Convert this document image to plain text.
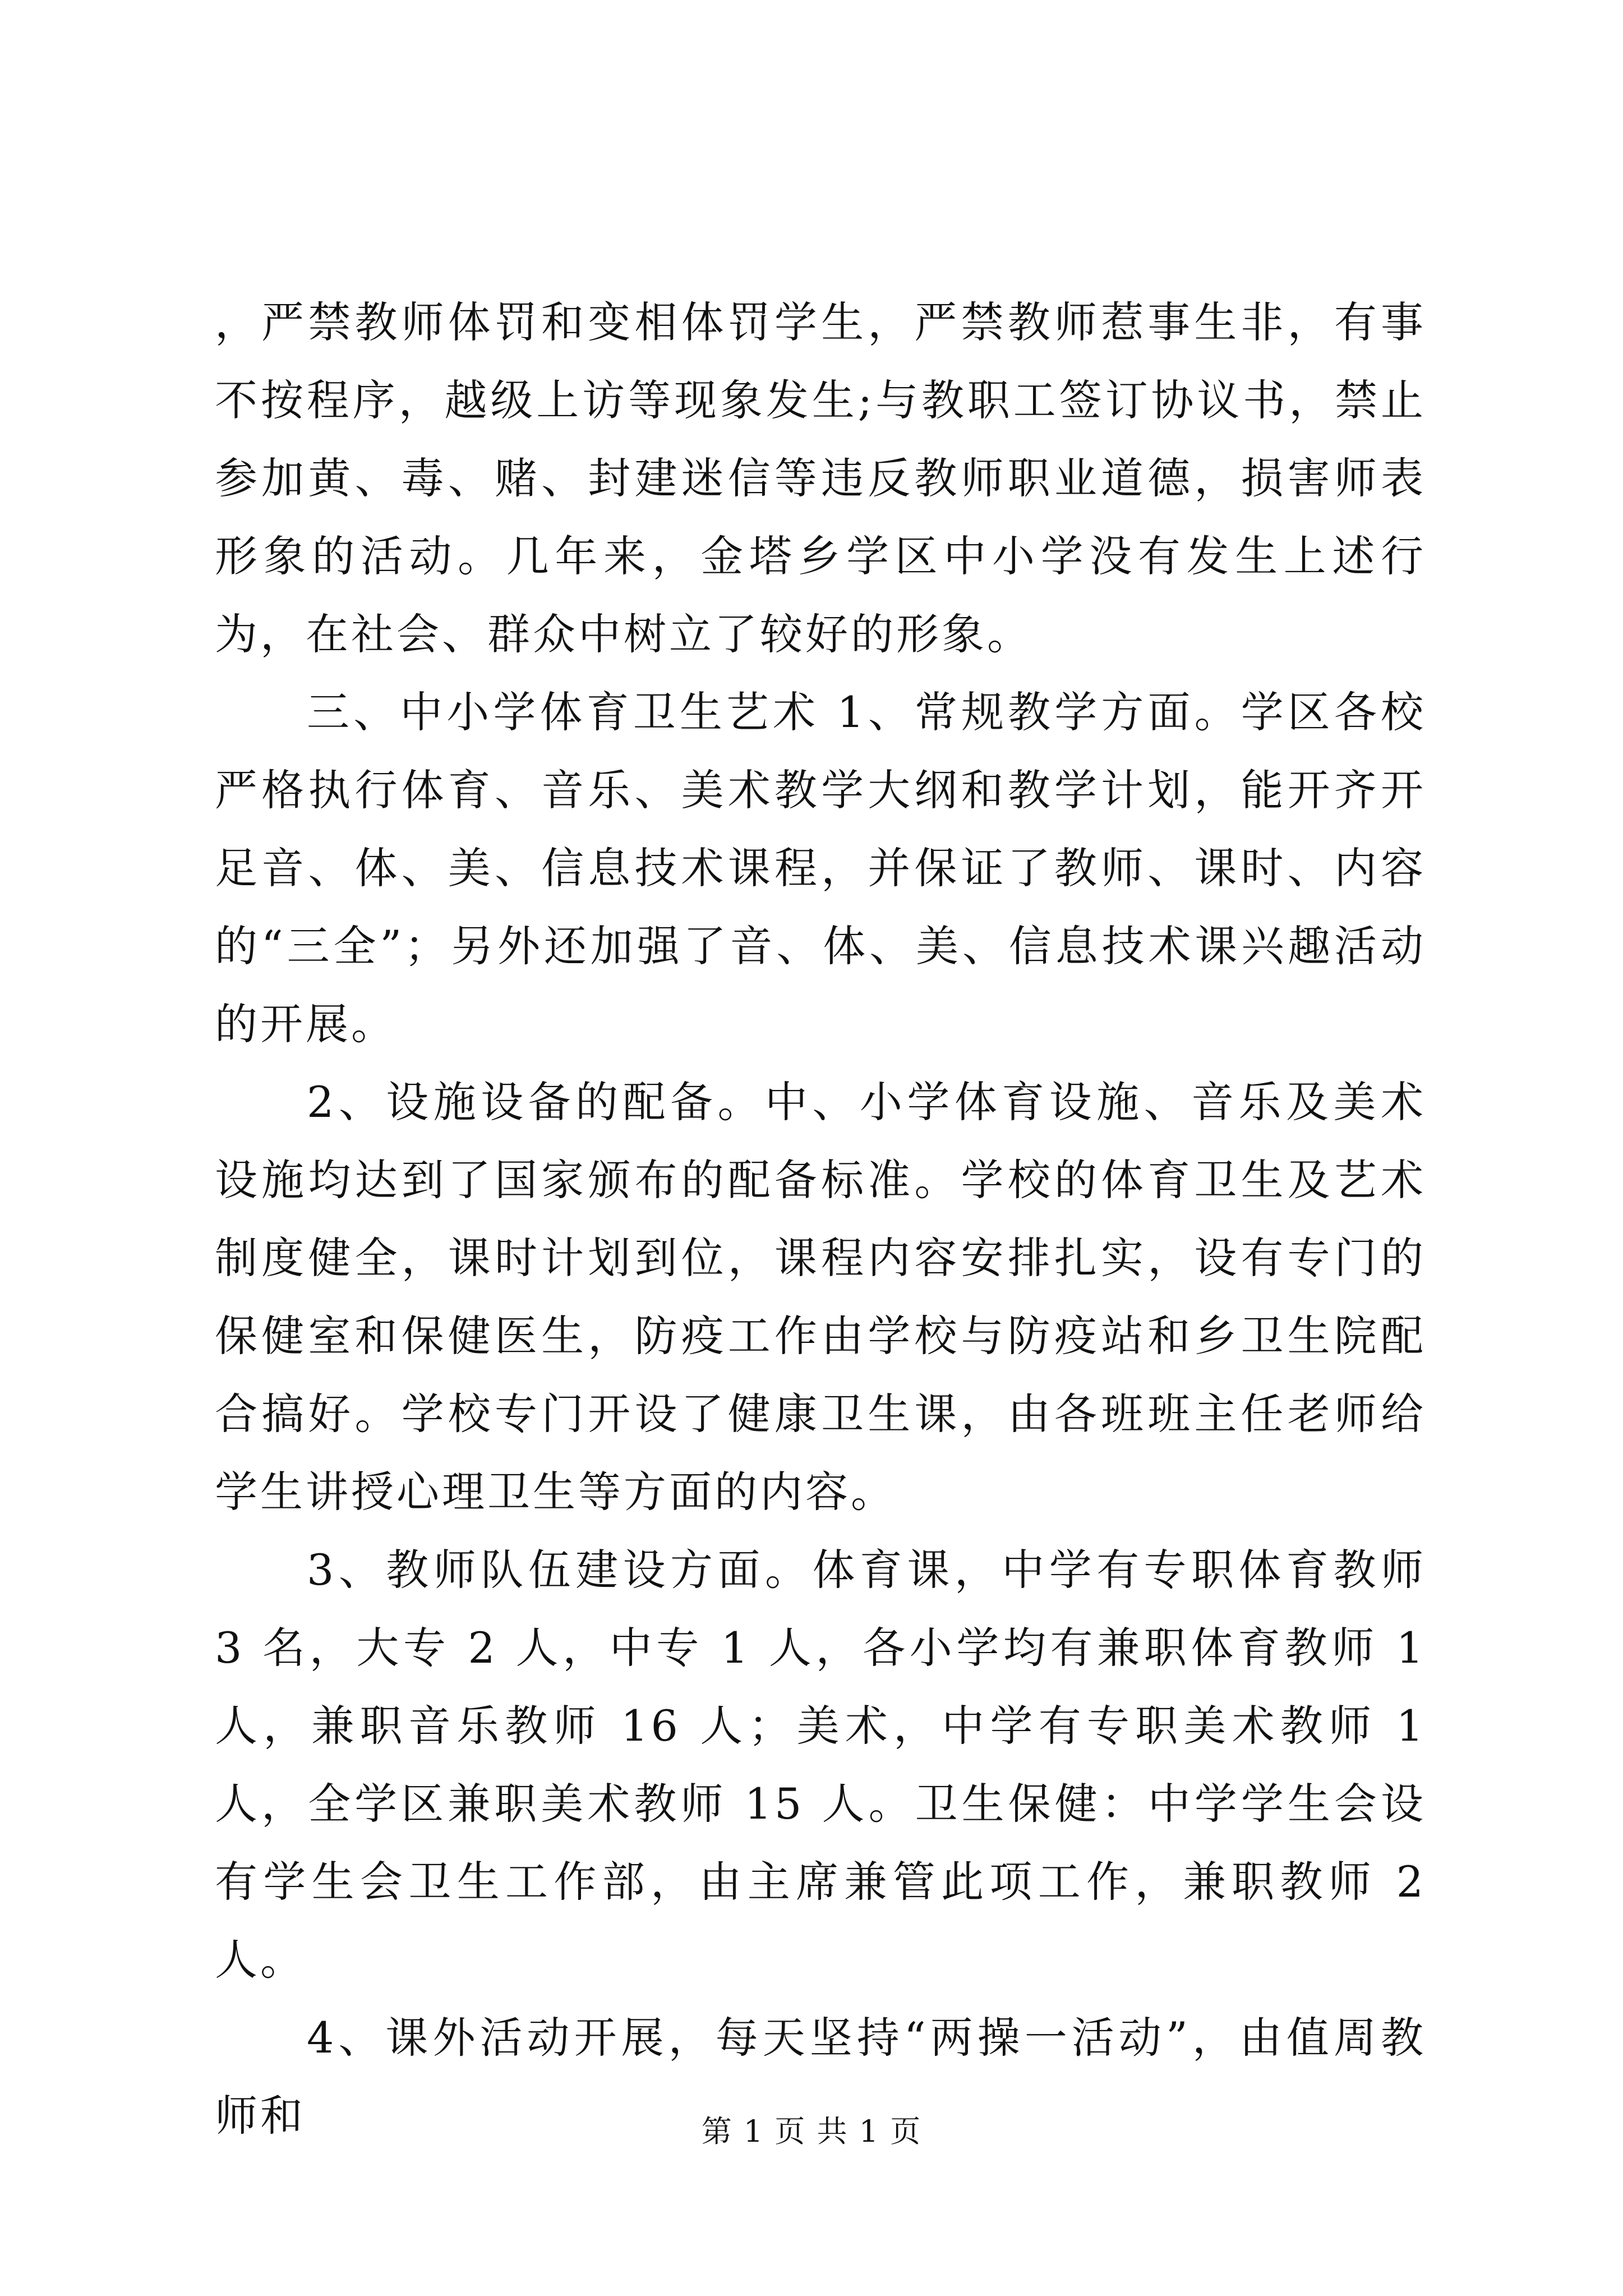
，严禁教师体罚和变相体罚学生，严禁教师惹事生非，有事不按程序，越级上访等现象发生;与教职工签订协议书，禁止参加黄、毒、赌、封建迷信等违反教师职业道德，损害师表形象的活动。几年来，金塔乡学区中小学没有发生上述行为，在社会、群众中树立了较好的形象。

三、中小学体育卫生艺术 1、常规教学方面。学区各校严格执行体育、音乐、美术教学大纲和教学计划，能开齐开足音、体、美、信息技术课程，并保证了教师、课时、内容的“三全”；另外还加强了音、体、美、信息技术课兴趣活动的开展。

2、设施设备的配备。中、小学体育设施、音乐及美术设施均达到了国家颁布的配备标准。学校的体育卫生及艺术制度健全，课时计划到位，课程内容安排扎实，设有专门的保健室和保健医生，防疫工作由学校与防疫站和乡卫生院配合搞好。学校专门开设了健康卫生课，由各班班主任老师给学生讲授心理卫生等方面的内容。

3、教师队伍建设方面。体育课，中学有专职体育教师 3 名，大专 2 人，中专 1 人，各小学均有兼职体育教师 1 人，兼职音乐教师 16 人；美术，中学有专职美术教师 1 人，全学区兼职美术教师 15 人。卫生保健：中学学生会设有学生会卫生工作部，由主席兼管此项工作，兼职教师 2 人。

4、课外活动开展，每天坚持“两操一活动”，由值周教师和	第 1 页 共 1 页
